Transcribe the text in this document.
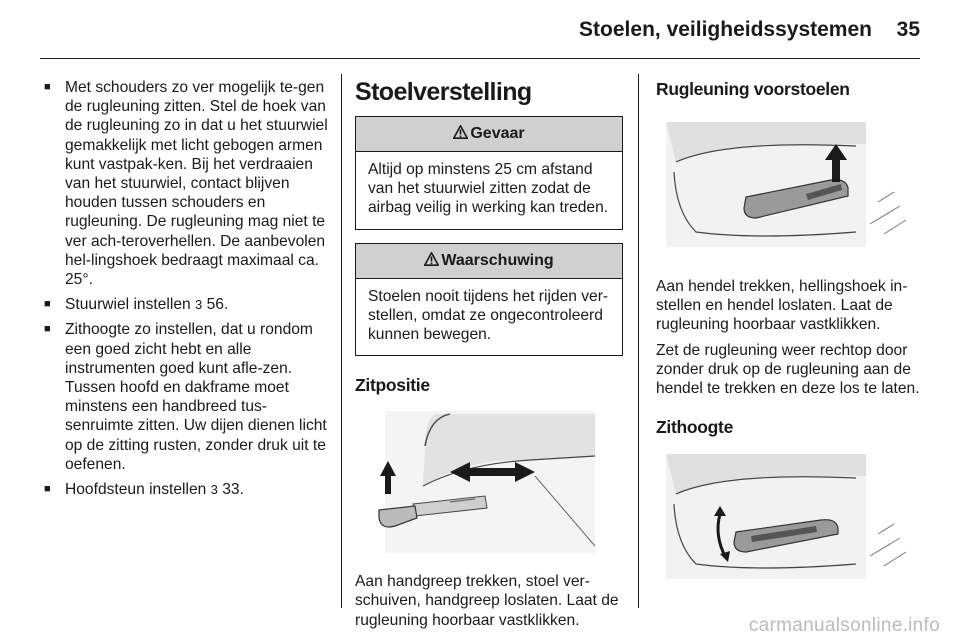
Stoelen, veiligheidssystemen 35
■ Met schouders zo ver mogelijk te-gen de rugleuning zitten. Stel de hoek van de rugleuning zo in dat u het stuurwiel gemakkelijk met licht gebogen armen kunt vastpak-ken. Bij het verdraaien van het stuurwiel, contact blijven houden tussen schouders en rugleuning. De rugleuning mag niet te ver ach-teroverhellen. De aanbevolen hel-lingshoek bedraagt maximaal ca. 25°.
■ Stuurwiel instellen 3 56.
■ Zithoogte zo instellen, dat u rondom een goed zicht hebt en alle instrumenten goed kunt afle-zen. Tussen hoofd en dakframe moet minstens een handbreed tus-senruimte zitten. Uw dijen dienen licht op de zitting rusten, zonder druk uit te oefenen.
■ Hoofdsteun instellen 3 33.
Stoelverstelling
Gevaar
Altijd op minstens 25 cm afstand van het stuurwiel zitten zodat de airbag veilig in werking kan treden.
Waarschuwing
Stoelen nooit tijdens het rijden ver-stellen, omdat ze ongecontroleerd kunnen bewegen.
Zitpositie

Aan handgreep trekken, stoel ver-schuiven, handgreep loslaten. Laat de rugleuning hoorbaar vastklikken.

Rugleuning voorstoelen

Aan hendel trekken, hellingshoek in-stellen en hendel loslaten. Laat de rugleuning hoorbaar vastklikken.

Zet de rugleuning weer rechtop door zonder druk op de rugleuning aan de hendel te trekken en deze los te laten.

Zithoogte
carmanualsonline.info
